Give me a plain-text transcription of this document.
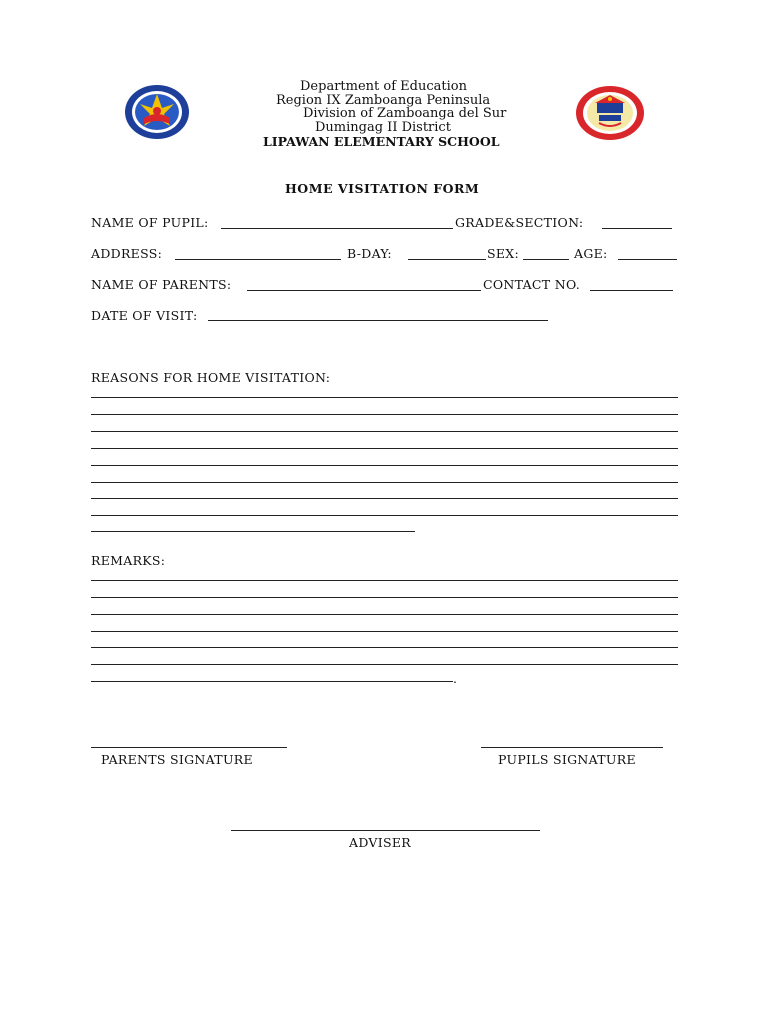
Department of Education
Region IX Zamboanga Peninsula
Division of Zamboanga del Sur
Dumingag II District
LIPAWAN ELEMENTARY SCHOOL
HOME VISITATION FORM
NAME OF PUPIL:	GRADE&SECTION:
ADDRESS:	B-DAY:	SEX:	AGE:
NAME OF PARENTS:	CONTACT NO.
DATE OF VISIT:
REASONS FOR HOME VISITATION:
REMARKS:
.
PARENTS SIGNATURE	PUPILS SIGNATURE
ADVISER
